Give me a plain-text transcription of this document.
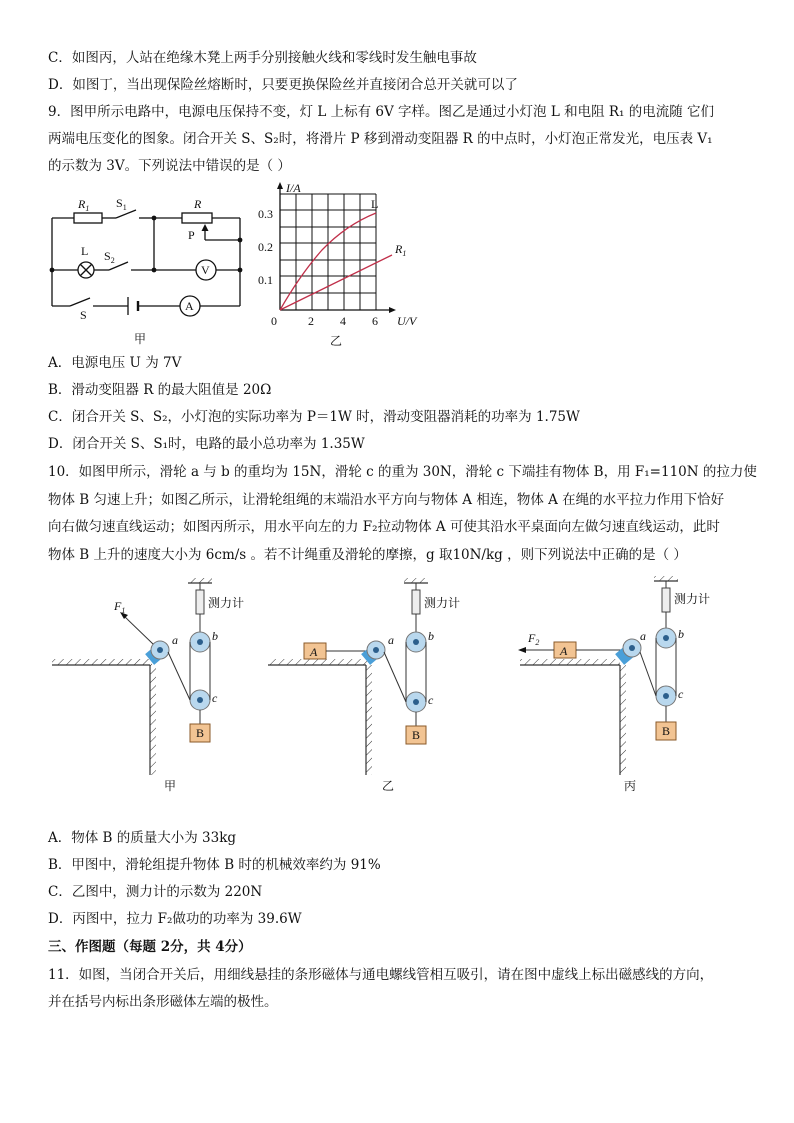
C．如图丙，人站在绝缘木凳上两手分别接触火线和零线时发生触电事故
D．如图丁，当出现保险丝熔断时，只要更换保险丝并直接闭合总开关就可以了
9．图甲所示电路中，电源电压保持不变，灯 L 上标有 6V 字样。图乙是通过小灯泡 L 和电阻 R₁ 的电流随 它们
两端电压变化的图象。闭合开关 S、S₂时，将滑片 P 移到滑动变阻器 R 的中点时，小灯泡正常发光，电压表 V₁
的示数为 3V。下列说法中错误的是（ ）
$R_1$ $S_1$	R
P
L $S_2$
V
A
S
甲
I/A
0.3
0.2
0.1
0	2 4 6 U/V
L
$R_1$
乙
A．电源电压 U 为 7V
B．滑动变阻器 R 的最大阻值是 20Ω
C．闭合开关 S、S₂，小灯泡的实际功率为 P＝1W 时，滑动变阻器消耗的功率为 1.75W
D．闭合开关 S、S₁时，电路的最小总功率为 1.35W
10．如图甲所示，滑轮 a 与 b 的重均为 15N，滑轮 c 的重为 30N，滑轮 c 下端挂有物体 B，用 F₁=110N 的拉力使
物体 B 匀速上升；如图乙所示，让滑轮组绳的末端沿水平方向与物体 A 相连，物体 A 在绳的水平拉力作用下恰好
向右做匀速直线运动；如图丙所示，用水平向左的力 F₂拉动物体 A 可使其沿水平桌面向左做匀速直线运动，此时
物体 B 上升的速度大小为 6cm/s 。若不计绳重及滑轮的摩擦，g 取10N/kg ，则下列说法中正确的是（ ）
测力计	测力计	测力计
$F_1$
a	b
c
B
甲
A
a	b
c
B
乙
$F_2$
A
a	b
c
B
丙
A．物体 B 的质量大小为 33kg
B．甲图中，滑轮组提升物体 B 时的机械效率约为 91%
C．乙图中，测力计的示数为 220N
D．丙图中，拉力 F₂做功的功率为 39.6W
三、作图题（每题 2分，共 4分）
11．如图，当闭合开关后，用细线悬挂的条形磁体与通电螺线管相互吸引，请在图中虚线上标出磁感线的方向，
并在括号内标出条形磁体左端的极性。
